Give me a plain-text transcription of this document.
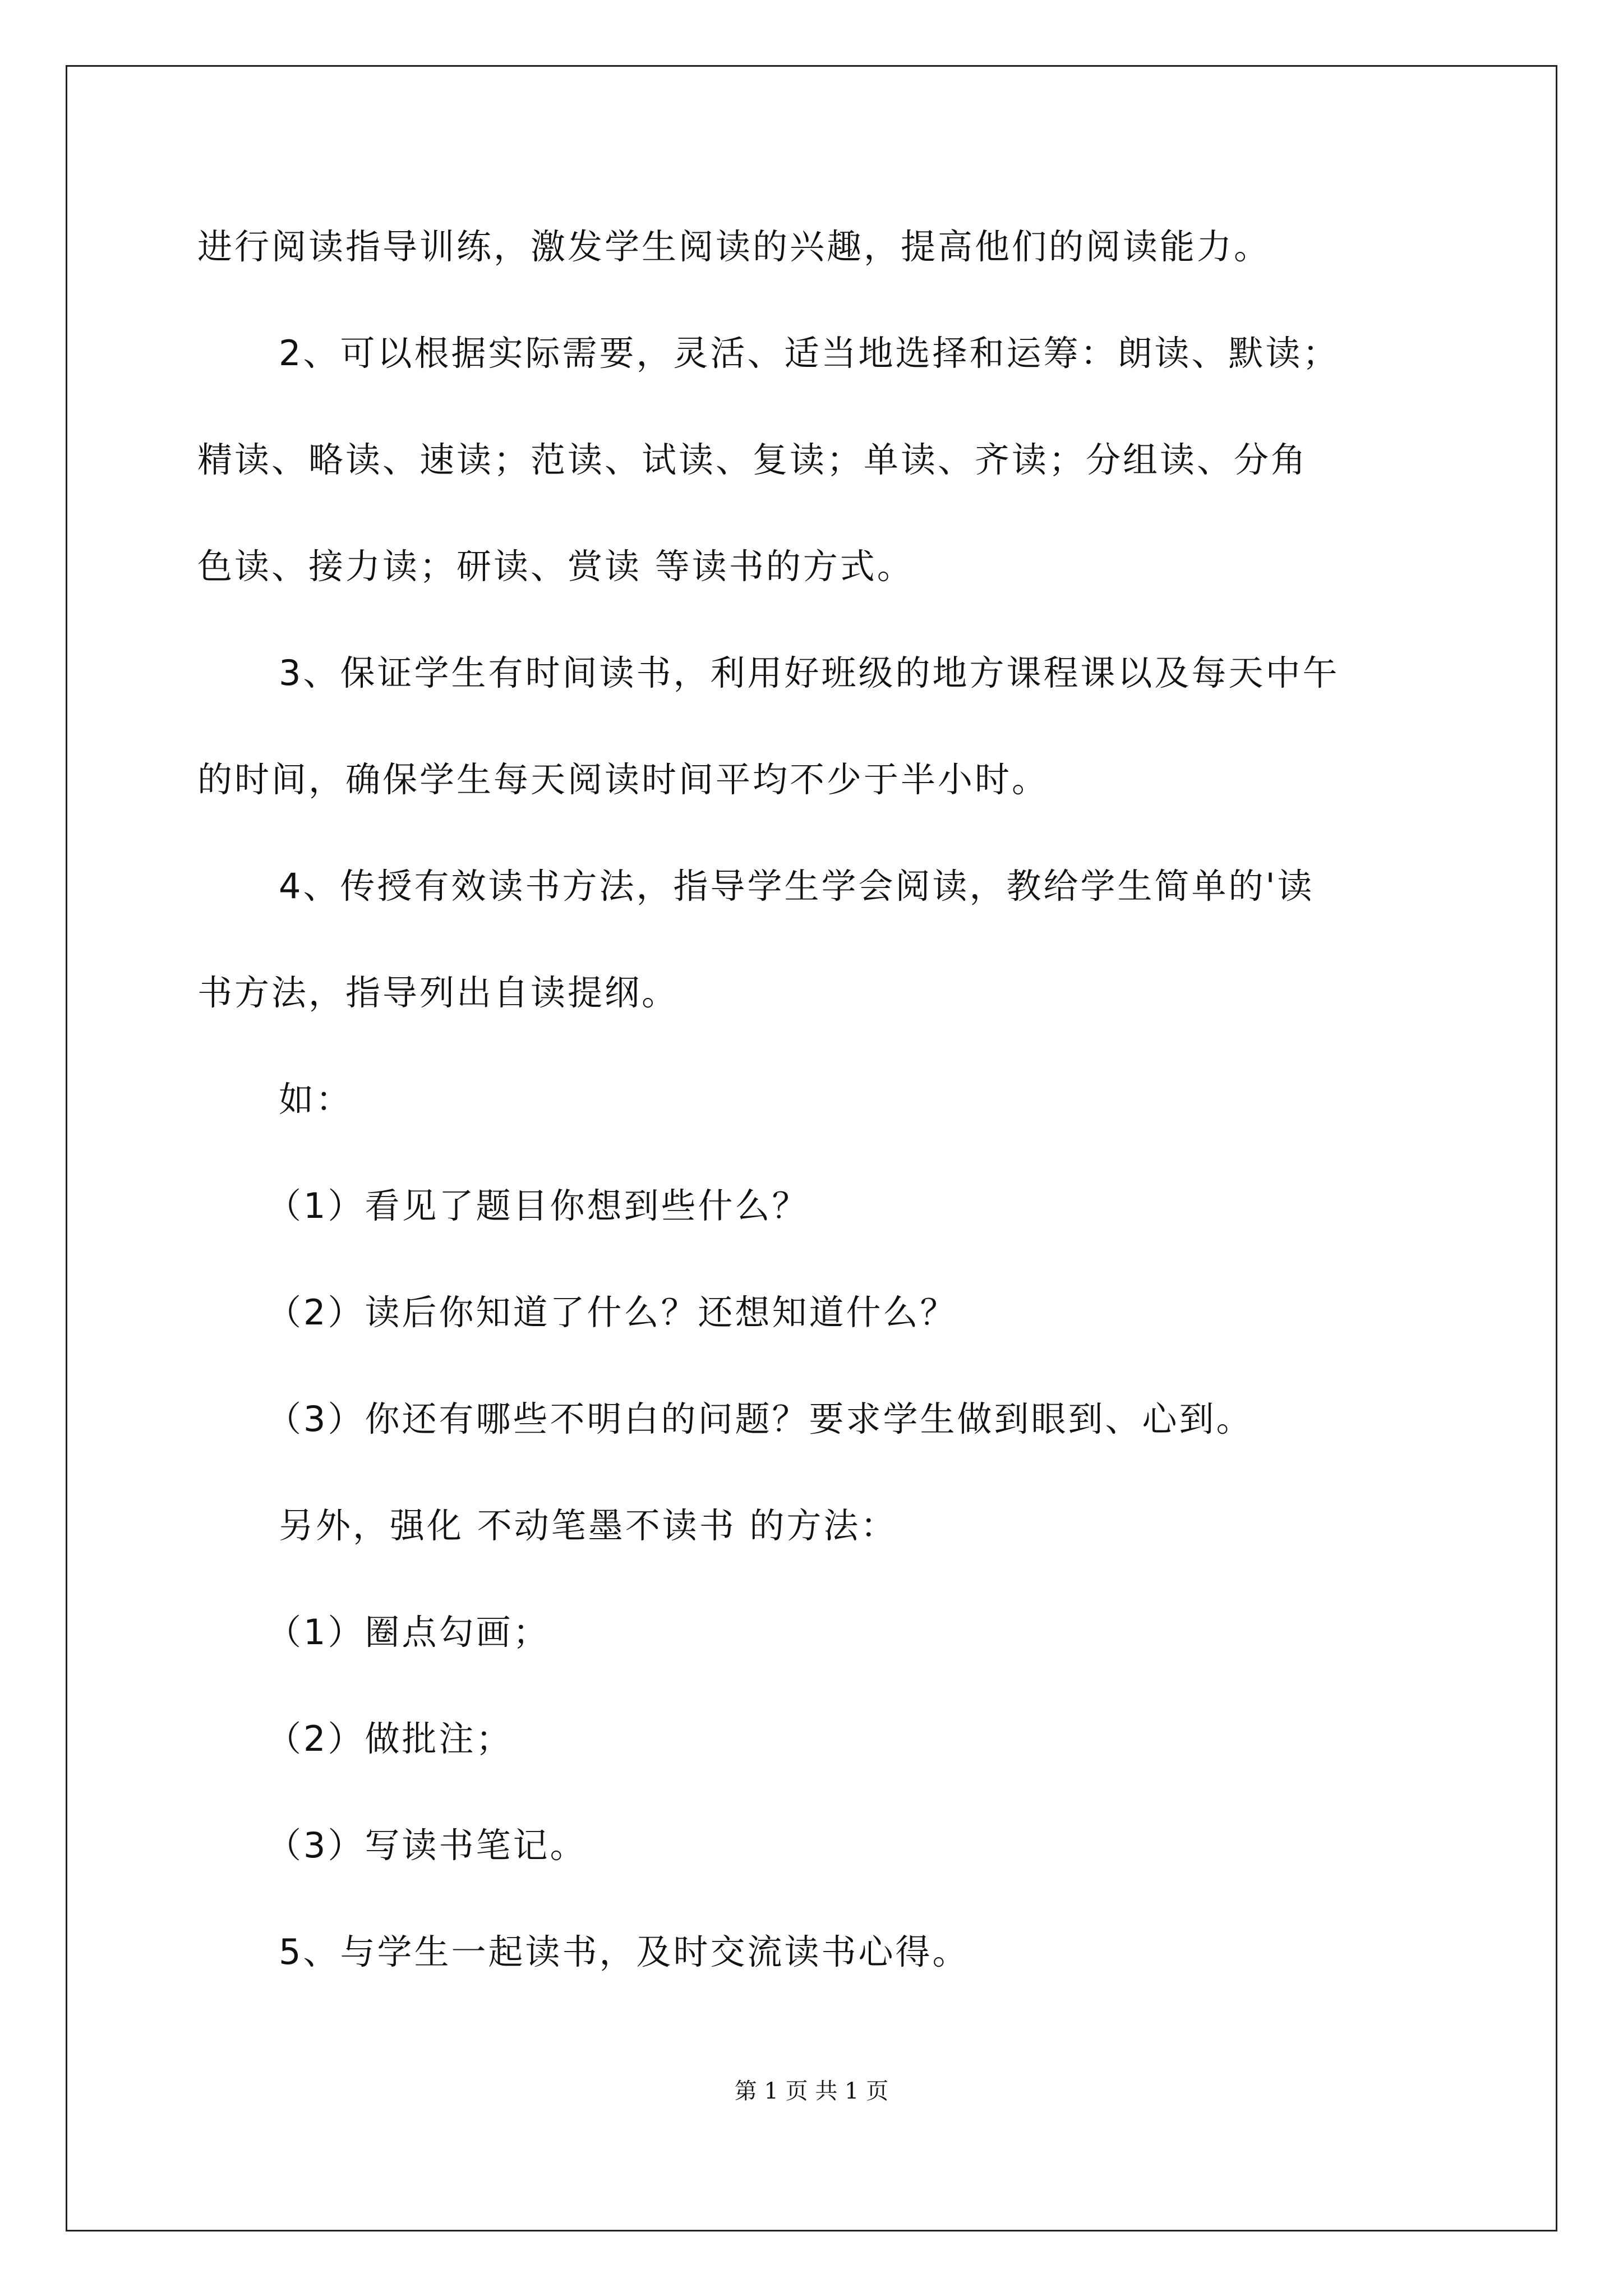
进行阅读指导训练，激发学生阅读的兴趣，提高他们的阅读能力。
2、可以根据实际需要，灵活、适当地选择和运筹：朗读、默读；
精读、略读、速读；范读、试读、复读；单读、齐读；分组读、分角
色读、接力读；研读、赏读 等读书的方式。
3、保证学生有时间读书，利用好班级的地方课程课以及每天中午
的时间，确保学生每天阅读时间平均不少于半小时。
4、传授有效读书方法，指导学生学会阅读，教给学生简单的'读
书方法，指导列出自读提纲。
如：
（1）看见了题目你想到些什么？
（2）读后你知道了什么？还想知道什么？
（3）你还有哪些不明白的问题？要求学生做到眼到、心到。
另外，强化 不动笔墨不读书 的方法：
（1）圈点勾画；
（2）做批注；
（3）写读书笔记。
5、与学生一起读书，及时交流读书心得。
第 1 页 共 1 页
